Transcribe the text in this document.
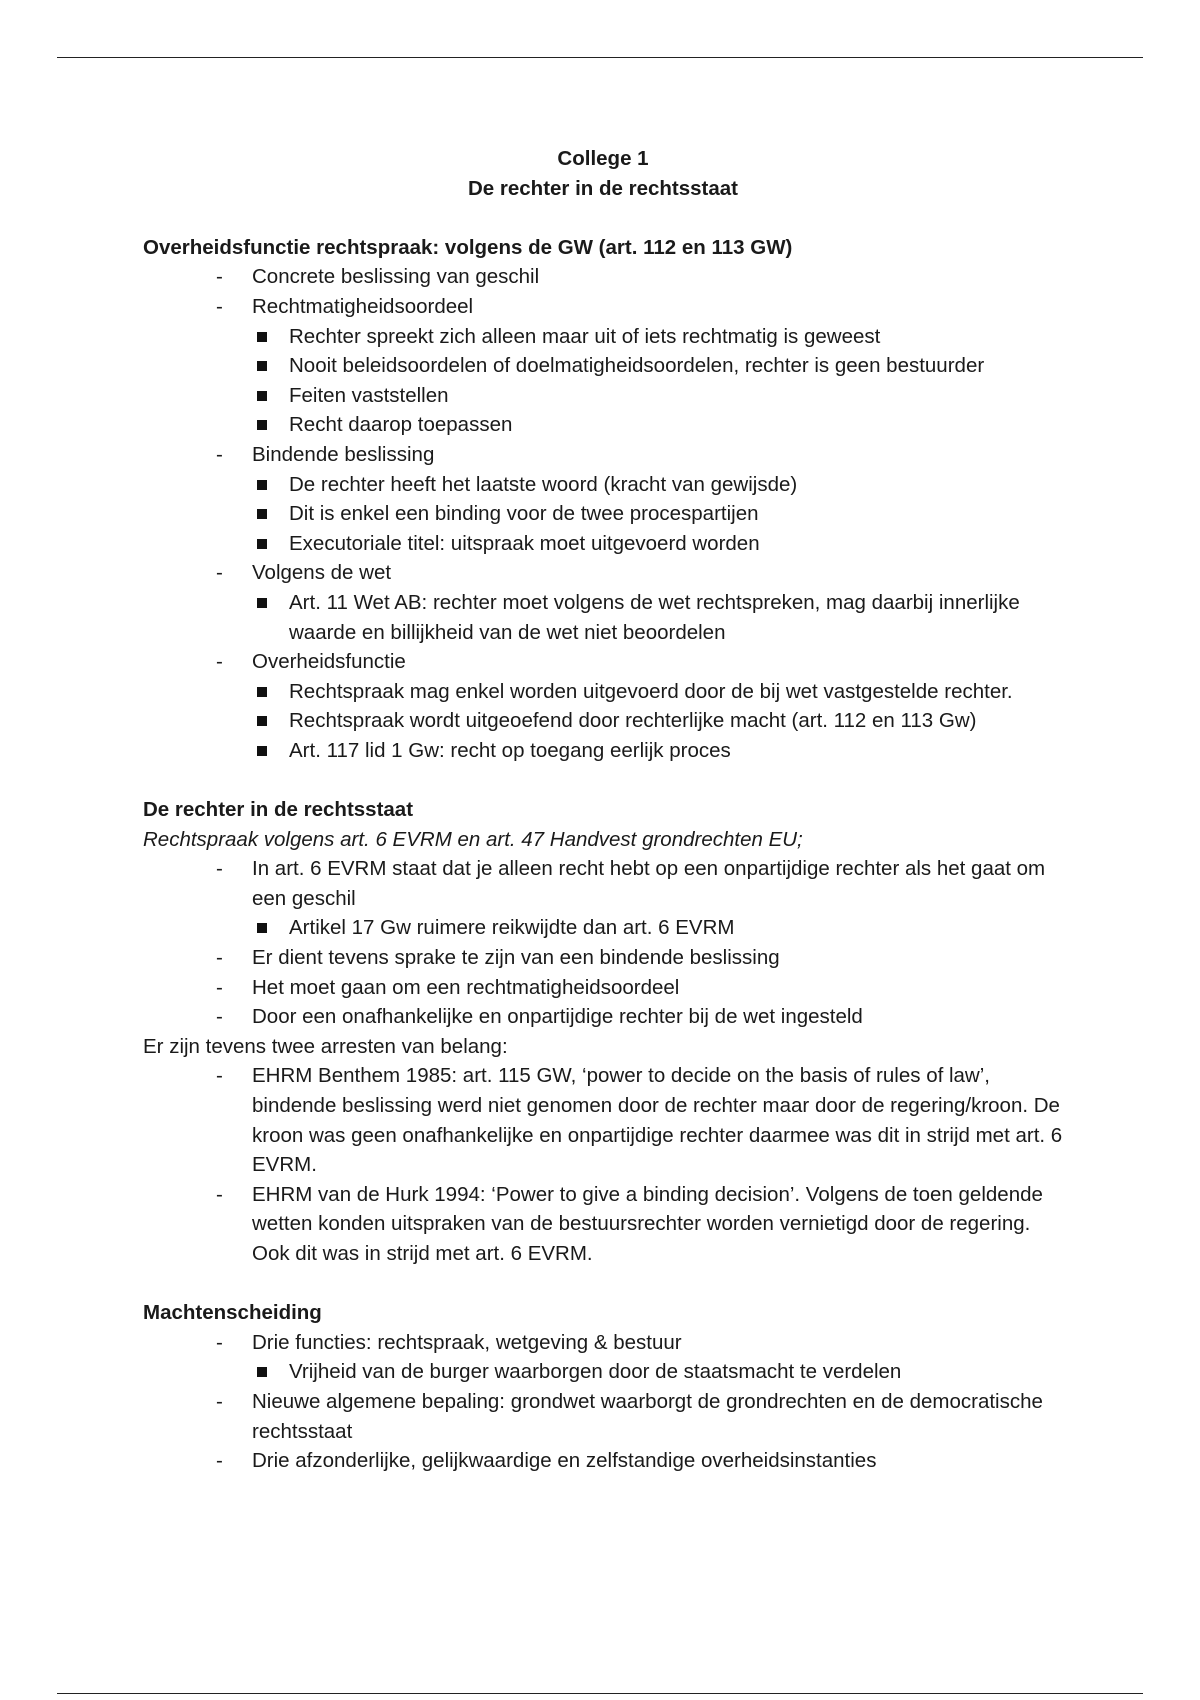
College 1
De rechter in de rechtsstaat
Overheidsfunctie rechtspraak: volgens de GW (art. 112 en 113 GW)
- Concrete beslissing van geschil
- Rechtmatigheidsoordeel
Rechter spreekt zich alleen maar uit of iets rechtmatig is geweest
Nooit beleidsoordelen of doelmatigheidsoordelen, rechter is geen bestuurder
Feiten vaststellen
Recht daarop toepassen
- Bindende beslissing
De rechter heeft het laatste woord (kracht van gewijsde)
Dit is enkel een binding voor de twee procespartijen
Executoriale titel: uitspraak moet uitgevoerd worden
- Volgens de wet
Art. 11 Wet AB: rechter moet volgens de wet rechtspreken, mag daarbij innerlijke waarde en billijkheid van de wet niet beoordelen
- Overheidsfunctie
Rechtspraak mag enkel worden uitgevoerd door de bij wet vastgestelde rechter.
Rechtspraak wordt uitgeoefend door rechterlijke macht (art. 112 en 113 Gw)
Art. 117 lid 1 Gw: recht op toegang eerlijk proces
De rechter in de rechtsstaat
Rechtspraak volgens art. 6 EVRM en art. 47 Handvest grondrechten EU;
- In art. 6 EVRM staat dat je alleen recht hebt op een onpartijdige rechter als het gaat om een geschil
Artikel 17 Gw ruimere reikwijdte dan art. 6 EVRM
- Er dient tevens sprake te zijn van een bindende beslissing
- Het moet gaan om een rechtmatigheidsoordeel
- Door een onafhankelijke en onpartijdige rechter bij de wet ingesteld
Er zijn tevens twee arresten van belang:
- EHRM Benthem 1985: art. 115 GW, ‘power to decide on the basis of rules of law’, bindende beslissing werd niet genomen door de rechter maar door de regering/kroon. De kroon was geen onafhankelijke en onpartijdige rechter daarmee was dit in strijd met art. 6 EVRM.
- EHRM van de Hurk 1994: ‘Power to give a binding decision’. Volgens de toen geldende wetten konden uitspraken van de bestuursrechter worden vernietigd door de regering. Ook dit was in strijd met art. 6 EVRM.
Machtenscheiding
- Drie functies: rechtspraak, wetgeving & bestuur
Vrijheid van de burger waarborgen door de staatsmacht te verdelen
- Nieuwe algemene bepaling: grondwet waarborgt de grondrechten en de democratische rechtsstaat
- Drie afzonderlijke, gelijkwaardige en zelfstandige overheidsinstanties
